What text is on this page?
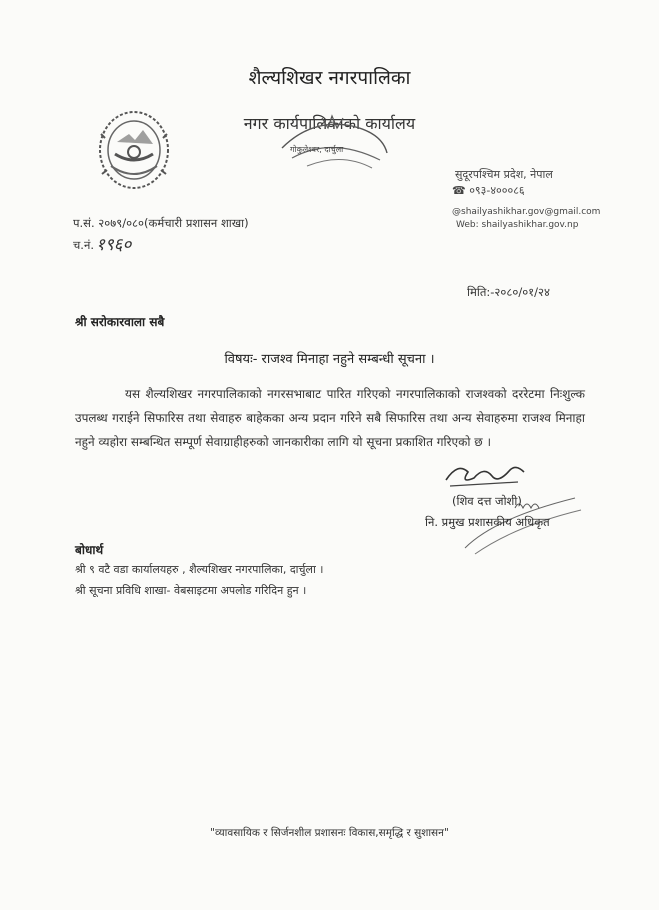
शैल्यशिखर नगरपालिका
नगर कार्यपालिकाको कार्यालय
गोकुलेश्वर, दार्चुला
सुदूरपश्चिम प्रदेश, नेपाल
☎ ०९३-४०००८६
@shailyashikhar.gov@gmail.com
Web: shailyashikhar.gov.np
प.सं. २०७९/०८०(कर्मचारी प्रशासन शाखा)
च.नं. १९६०
मिति:-२०८०/०१/२४
श्री सरोकारवाला सबै
विषयः- राजश्व मिनाहा नहुने सम्बन्धी सूचना ।
यस शैल्यशिखर नगरपालिकाको नगरसभाबाट पारित गरिएको नगरपालिकाको राजश्वको दररेटमा निःशुल्क उपलब्ध गराईने सिफारिस तथा सेवाहरु बाहेकका अन्य प्रदान गरिने सबै सिफारिस तथा अन्य सेवाहरुमा राजश्व मिनाहा नहुने व्यहोरा सम्बन्धित सम्पूर्ण सेवाग्राहीहरुको जानकारीका लागि यो सूचना प्रकाशित गरिएको छ ।
(शिव दत्त जोशी)
नि. प्रमुख प्रशासकीय अधिकृत
बोधार्थ
श्री ९ वटै वडा कार्यालयहरु , शैल्यशिखर नगरपालिका, दार्चुला ।
श्री सूचना प्रविधि शाखा- वेबसाइटमा अपलोड गरिदिन हुन ।
"व्यावसायिक र सिर्जनशील प्रशासनः विकास,समृद्धि र सुशासन"
